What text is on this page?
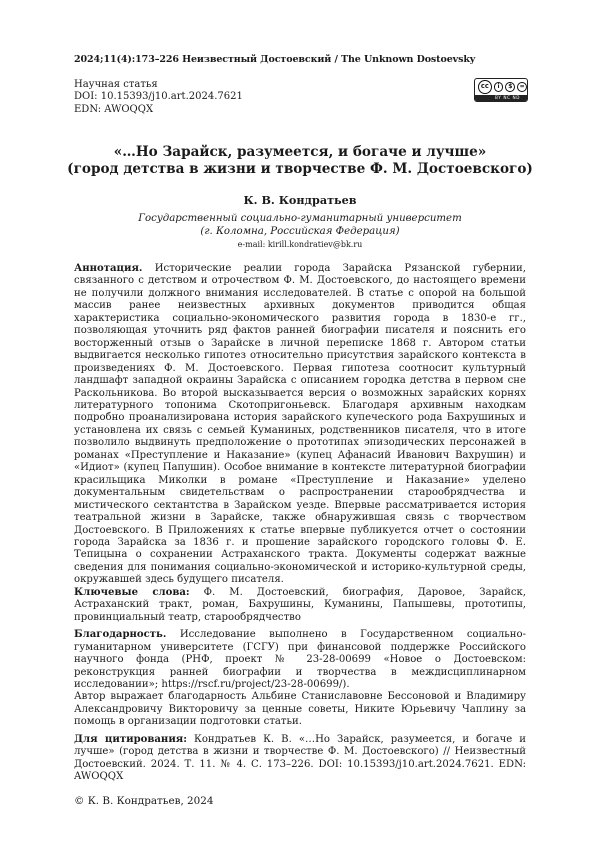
2024;11(4):173–226 Неизвестный Достоевский / The Unknown Dostoevsky
Научная статья
DOI: 10.15393/j10.art.2024.7621
EDN: AWOQQX
cc	i	$	=
BY NC ND
«…Но Зарайск, разумеется, и богаче и лучше»
(город детства в жизни и творчестве Ф. М. Достоевского)
К. В. Кондратьев
Государственный социально-гуманитарный университет
(г. Коломна, Российская Федерация)
e-mail: kirill.kondratiev@bk.ru

Аннотация. Исторические реалии города Зарайска Рязанской губернии, связанного с детством и отрочеством Ф. М. Достоевского, до настоящего времени не получили должного внимания исследователей. В статье с опорой на большой массив ранее неизвестных архивных документов приводится общая характеристика социально-экономического развития города в 1830-е гг., позволяющая уточнить ряд фактов ранней биографии писателя и пояснить его восторженный отзыв о Зарайске в личной переписке 1868 г. Автором статьи выдвигается несколько гипотез относительно присутствия зарайского контекста в произведениях Ф. М. Достоевского. Первая гипотеза соотносит культурный ландшафт западной окраины Зарайска с описанием городка детства в первом сне Раскольникова. Во второй высказывается версия о возможных зарайских корнях литературного топонима Скотопригоньевск. Благодаря архивным находкам подробно проанализирована история зарайского купеческого рода Бахрушиных и установлена их связь с семьей Куманиных, родственников писателя, что в итоге позволило выдвинуть предположение о прототипах эпизодических персонажей в романах «Преступление и Наказание» (купец Афанасий Иванович Вахрушин) и «Идиот» (купец Папушин). Особое внимание в контексте литературной биографии красильщика Миколки в романе «Преступление и Наказание» уделено документальным свидетельствам о распространении старообрядчества и мистического сектантства в Зарайском уезде. Впервые рассматривается история театральной жизни в Зарайске, также обнаружившая связь с творчеством Достоевского. В Приложениях к статье впервые публикуется отчет о состоянии города Зарайска за 1836 г. и прошение зарайского городского головы Ф. Е. Тепицына о сохранении Астраханского тракта. Документы содержат важные сведения для понимания социально-экономической и историко-культурной среды, окружавшей здесь будущего писателя.

Ключевые слова: Ф. М. Достоевский, биография, Даровое, Зарайск, Астраханский тракт, роман, Бахрушины, Куманины, Папышевы, прототипы, провинциальный театр, старообрядчество

Благодарность. Исследование выполнено в Государственном социально-гуманитарном университете (ГСГУ) при финансовой поддержке Российского научного фонда (РНФ, проект № 23-28-00699 «Новое о Достоевском: реконструкция ранней биографии и творчества в междисциплинарном исследовании»; https://rscf.ru/project/23-28-00699/).

Автор выражает благодарность Альбине Станиславовне Бессоновой и Владимиру Александровичу Викторовичу за ценные советы, Никите Юрьевичу Чаплину за помощь в организации подготовки статьи.

Для цитирования: Кондратьев К. В. «…Но Зарайск, разумеется, и богаче и лучше» (город детства в жизни и творчестве Ф. М. Достоевского) // Неизвестный Достоевский. 2024. Т. 11. № 4. С. 173–226. DOI: 10.15393/j10.art.2024.7621. EDN: AWOQQX

© К. В. Кондратьев, 2024
